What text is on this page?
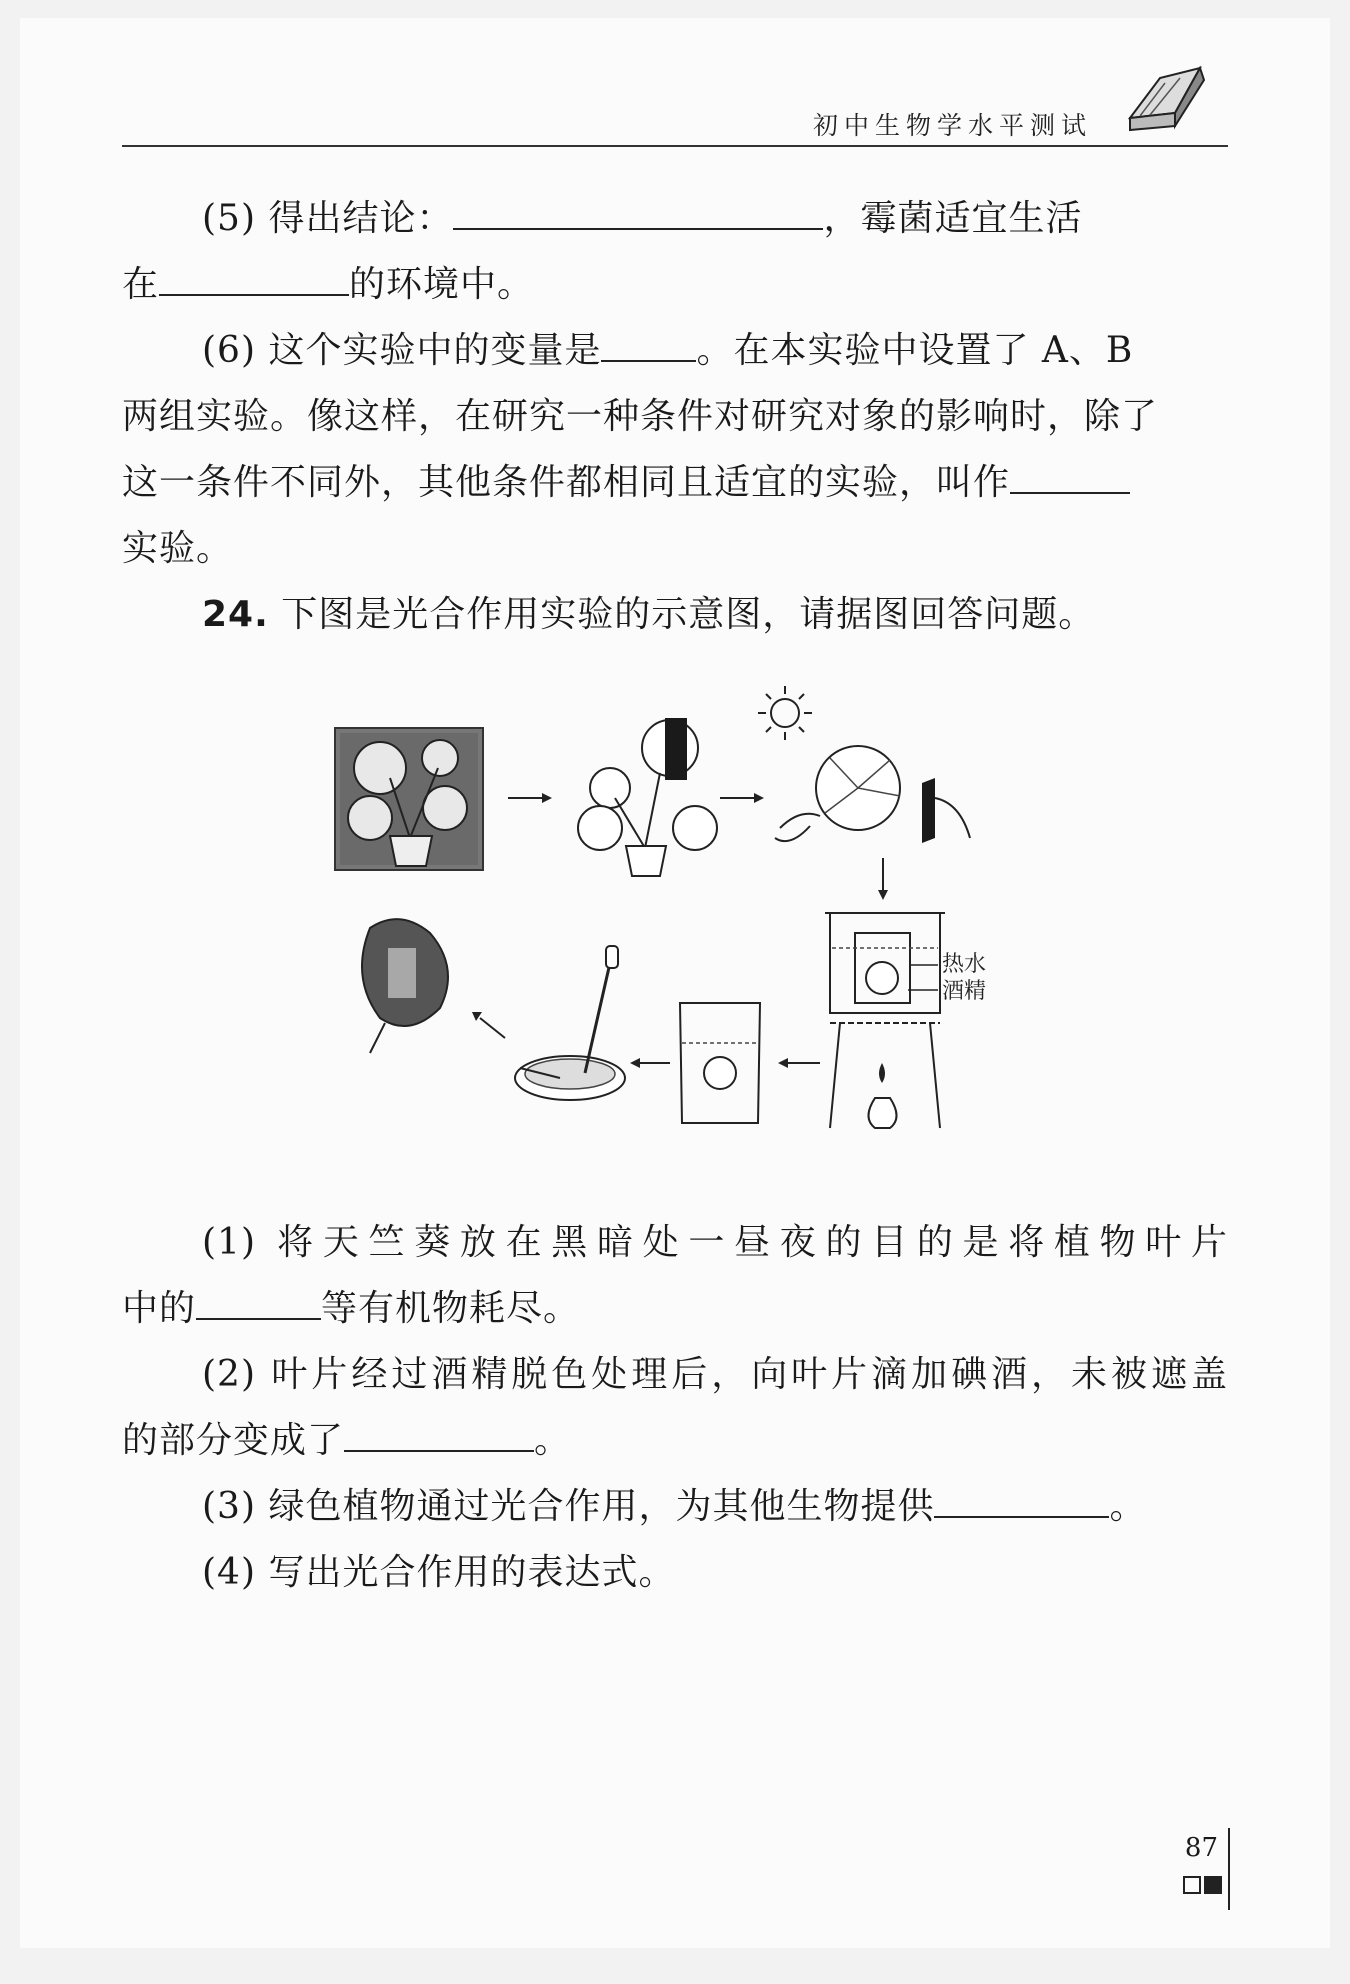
初中生物学水平测试
(5) 得出结论：	，霉菌适宜生活
在	的环境中。
(6) 这个实验中的变量是	。在本实验中设置了 A、B
两组实验。像这样，在研究一种条件对研究对象的影响时，除了
这一条件不同外，其他条件都相同且适宜的实验，叫作
实验。
24. 下图是光合作用实验的示意图，请据图回答问题。
热水
酒精
(1) 将天竺葵放在黑暗处一昼夜的目的是将植物叶片
中的	等有机物耗尽。
(2) 叶片经过酒精脱色处理后，向叶片滴加碘酒，未被遮盖
的部分变成了	。
(3) 绿色植物通过光合作用，为其他生物提供	。
(4) 写出光合作用的表达式。
87
